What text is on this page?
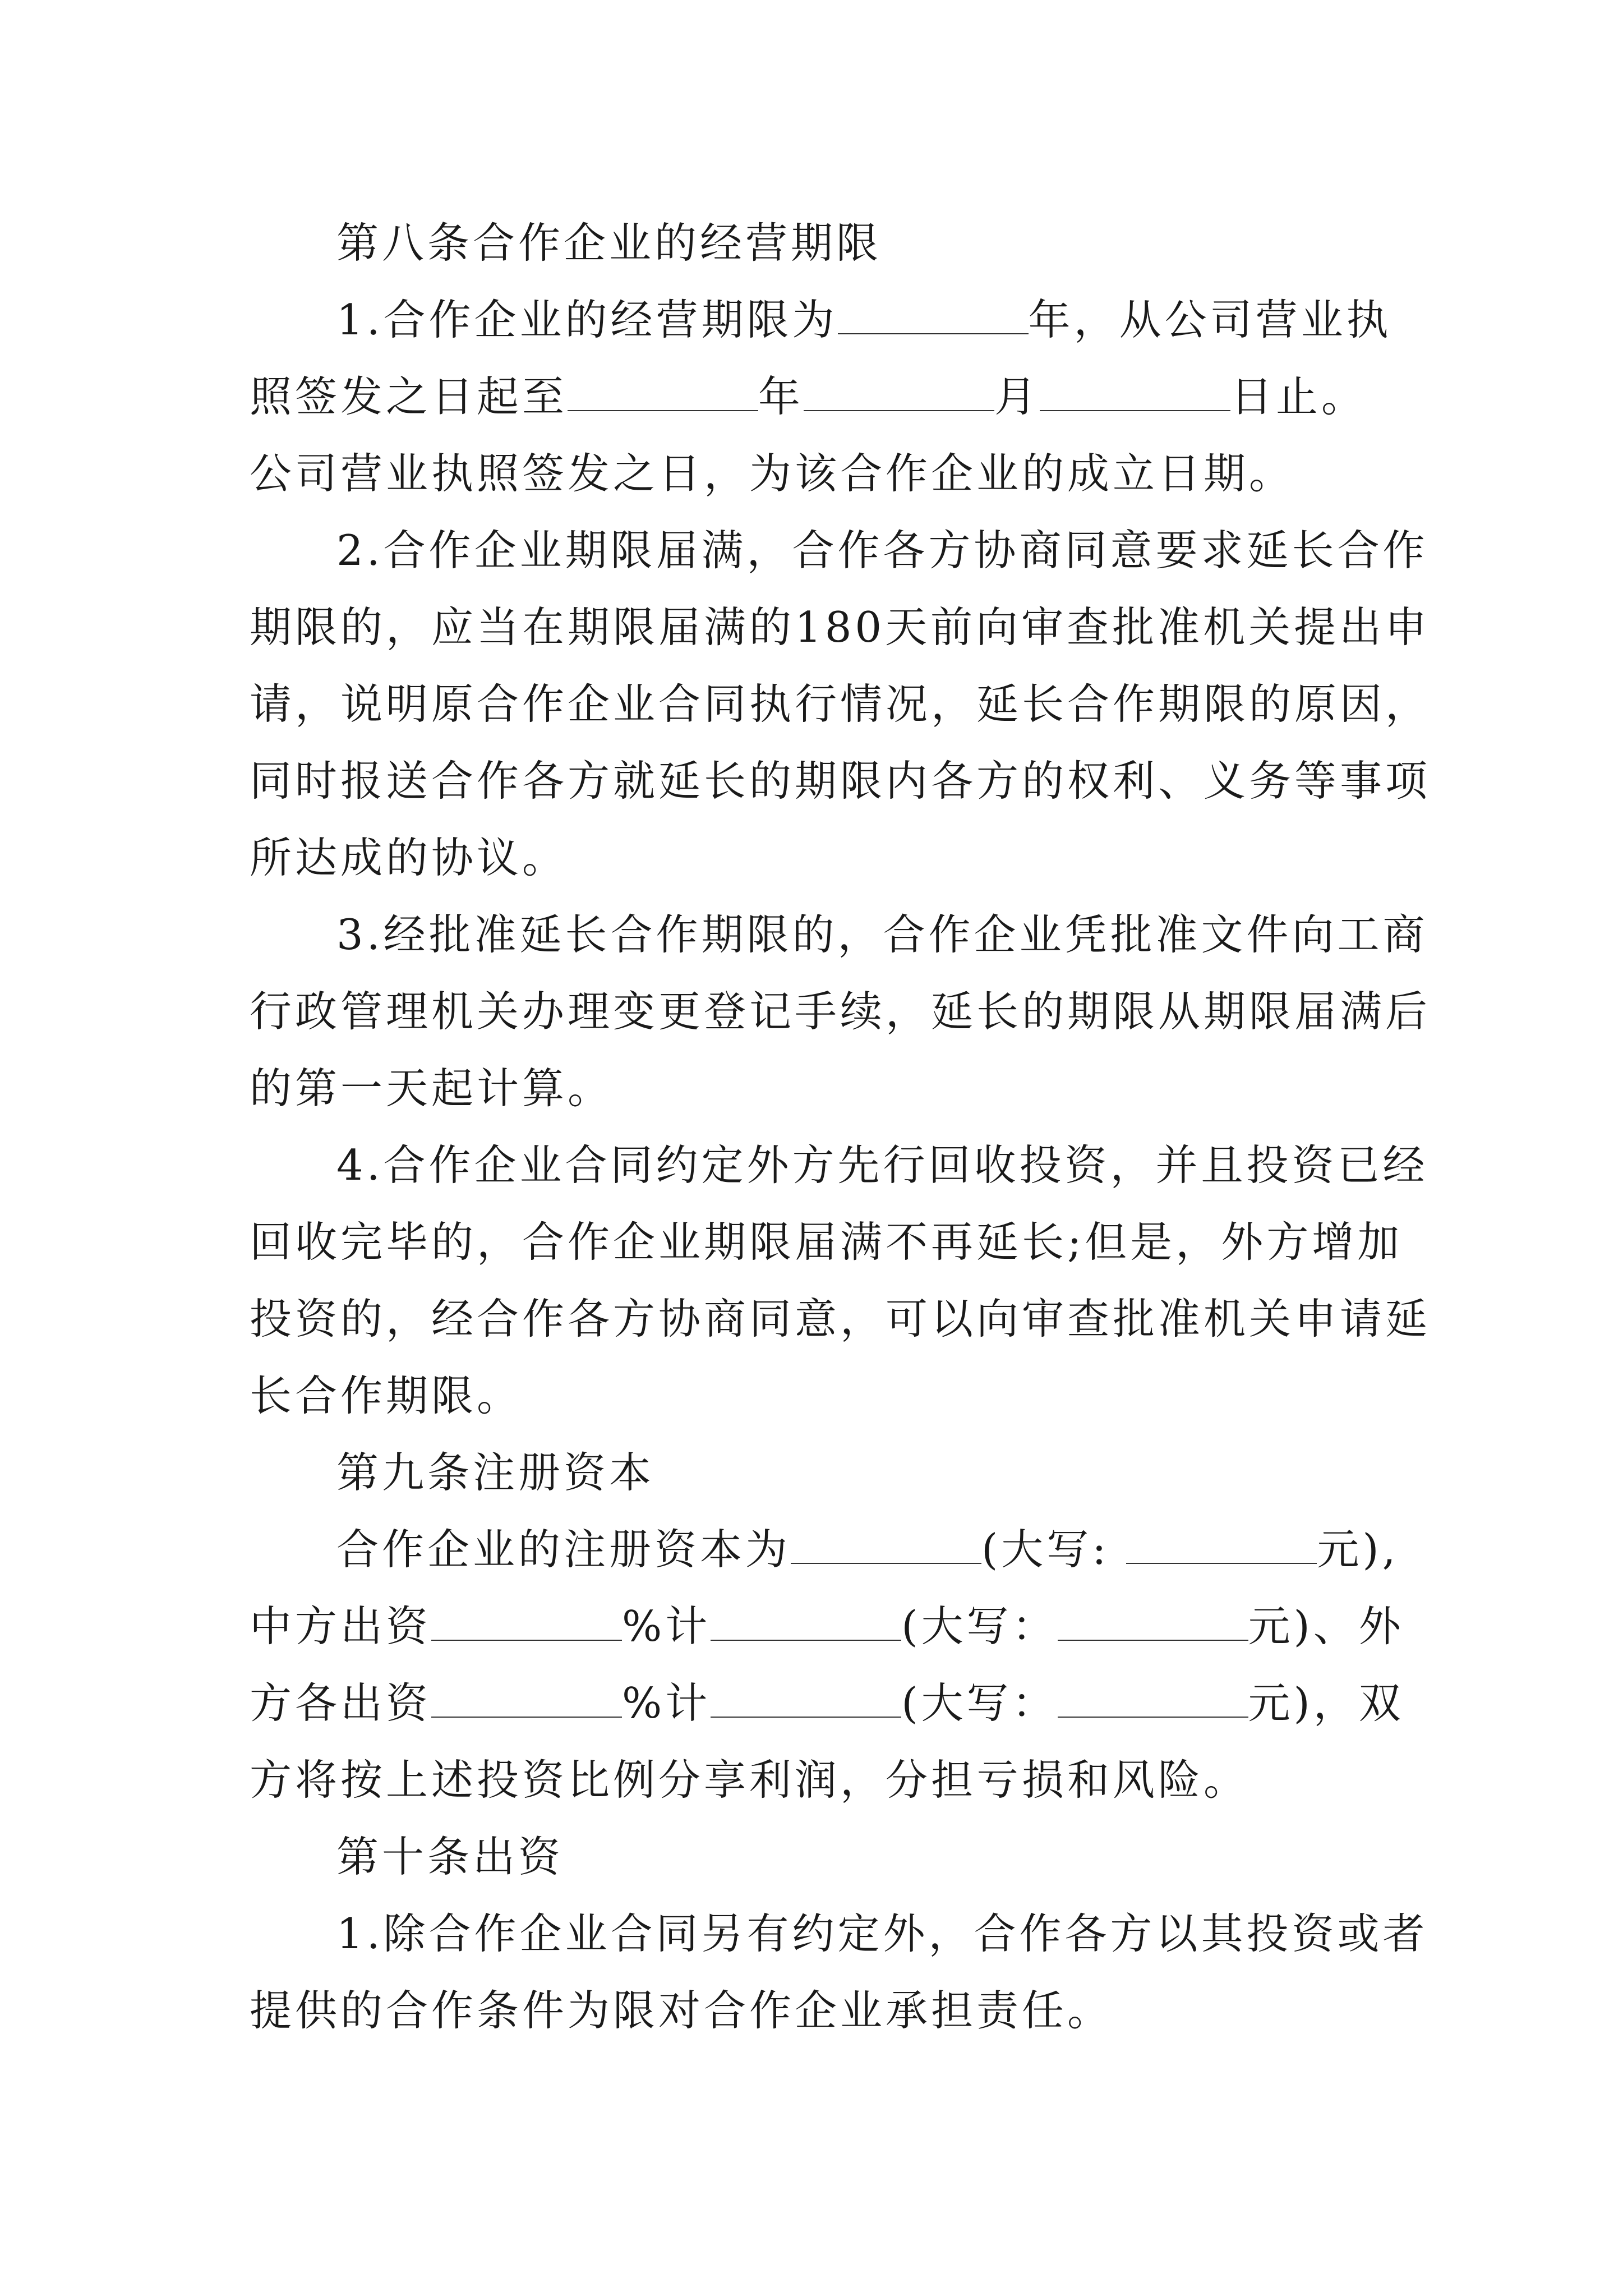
第八条合作企业的经营期限
1.合作企业的经营期限为	年，从公司营业执
照签发之日起至	年	月	日止。
公司营业执照签发之日，为该合作企业的成立日期。
2.合作企业期限届满，合作各方协商同意要求延长合作
期限的，应当在期限届满的180天前向审查批准机关提出申
请，说明原合作企业合同执行情况，延长合作期限的原因，
同时报送合作各方就延长的期限内各方的权利、义务等事项
所达成的协议。
3.经批准延长合作期限的，合作企业凭批准文件向工商
行政管理机关办理变更登记手续，延长的期限从期限届满后
的第一天起计算。
4.合作企业合同约定外方先行回收投资，并且投资已经
回收完毕的，合作企业期限届满不再延长;但是，外方增加
投资的，经合作各方协商同意，可以向审查批准机关申请延
长合作期限。
第九条注册资本
合作企业的注册资本为	(大写:	元),
中方出资	%计	(大写：	元)、外
方各出资	%计	(大写：	元)，双
方将按上述投资比例分享利润，分担亏损和风险。
第十条出资
1.除合作企业合同另有约定外，合作各方以其投资或者
提供的合作条件为限对合作企业承担责任。
